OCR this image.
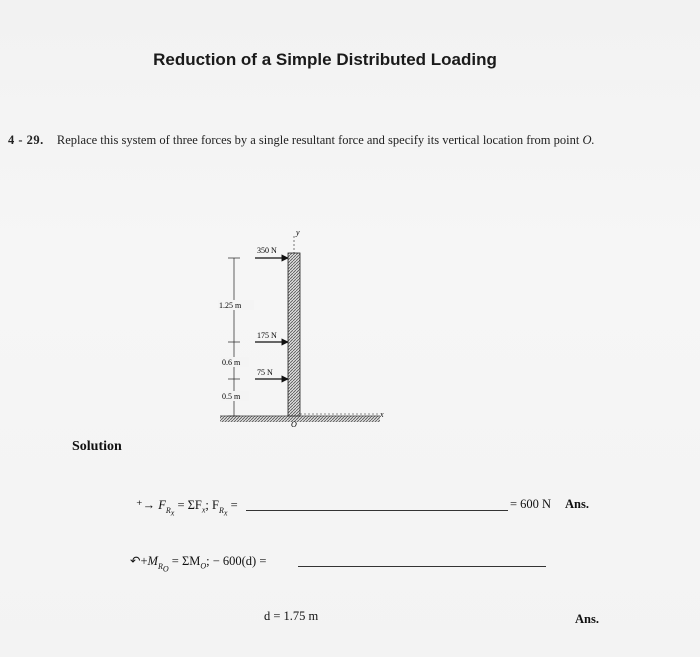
Reduction of a Simple Distributed Loading
4 - 29. Replace this system of three forces by a single resultant force and specify its vertical location from point O.
y
x
O
350 N
175 N
75 N
1.25 m
0.6 m
0.5 m
Solution
⁺→ $F_{R_x} = \Sigma F_x$; $F_{R_x}$ =	= 600 N Ans.
$↶+M_{R_O} = \Sigma M_O$; − 600(d) =
d = 1.75 m	Ans.
